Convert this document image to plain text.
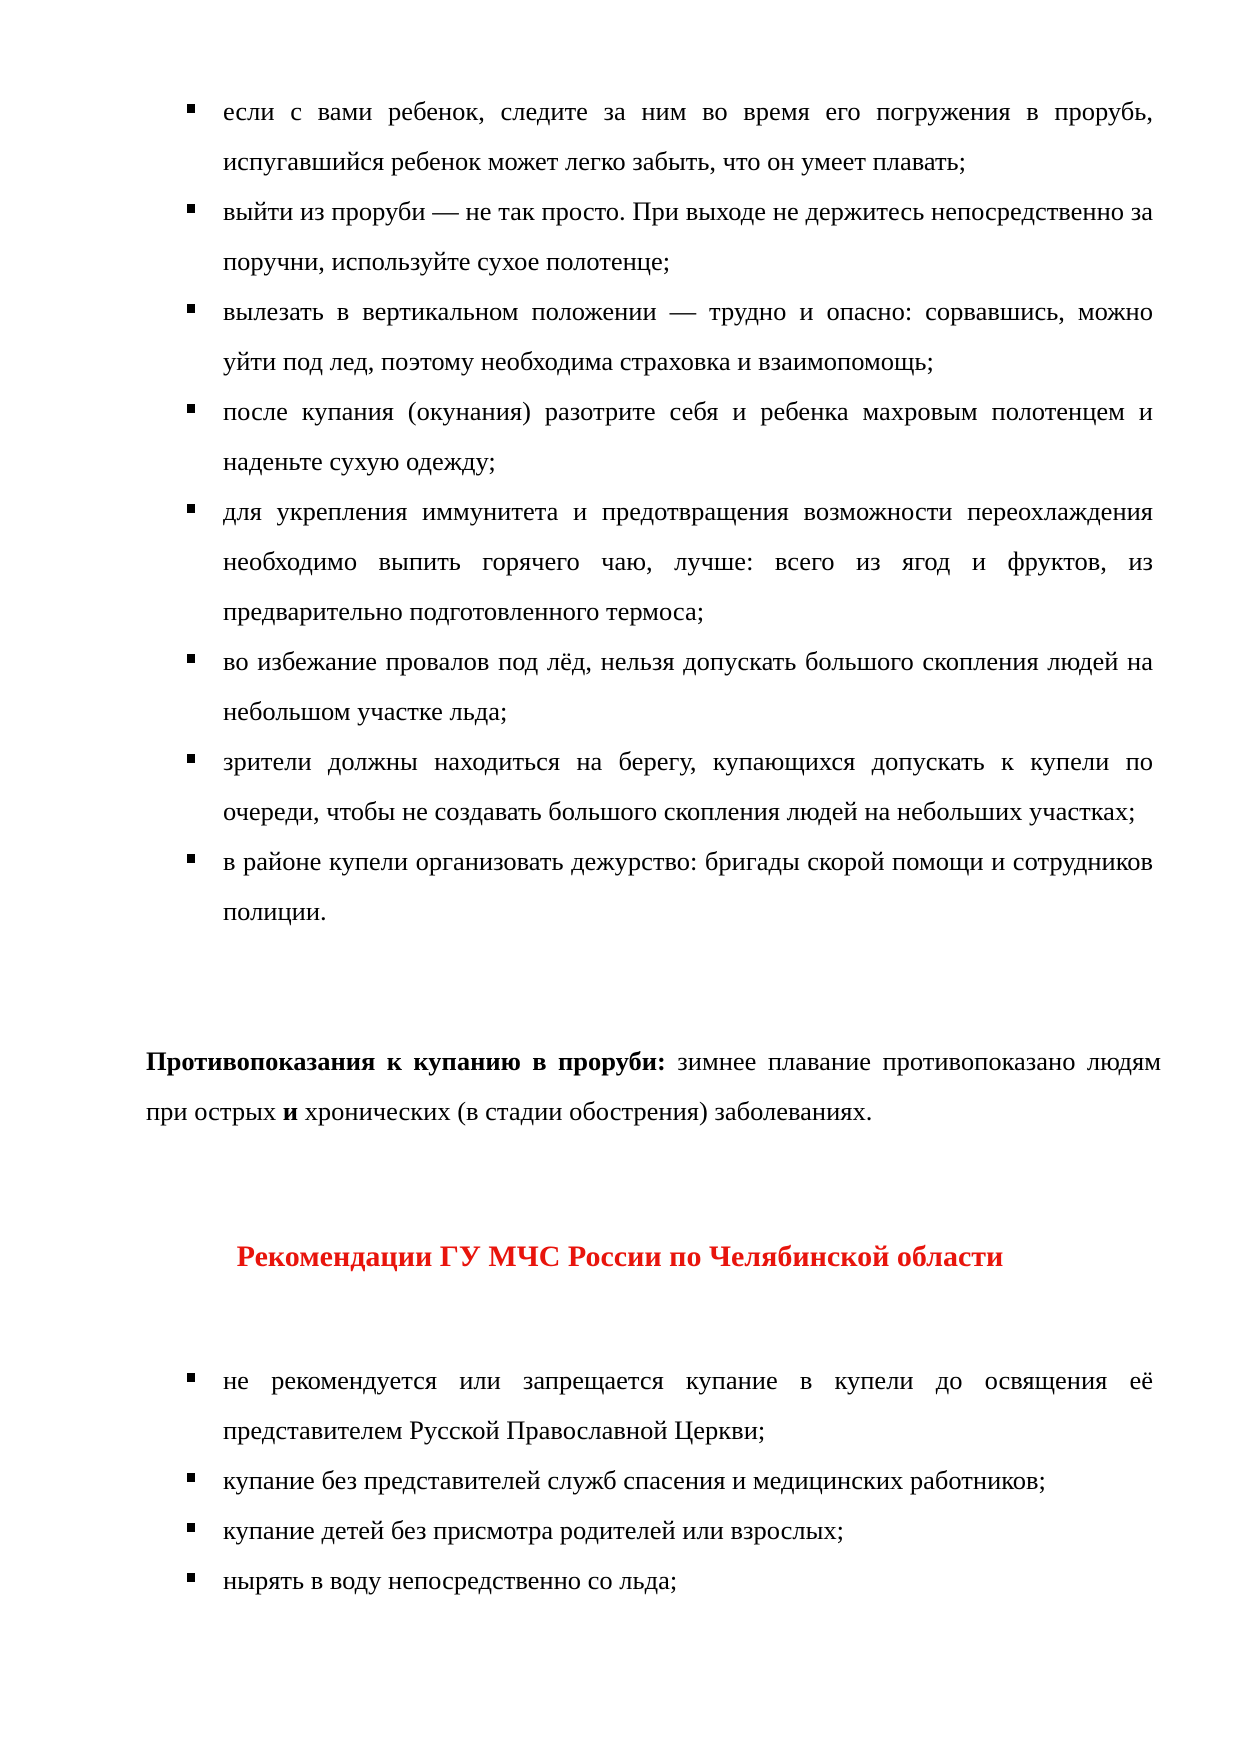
если с вами ребенок, следите за ним во время его погружения в прорубь, испугавшийся ребенок может легко забыть, что он умеет плавать;
выйти из проруби — не так просто. При выходе не держитесь непосредственно за поручни, используйте сухое полотенце;
вылезать в вертикальном положении — трудно и опасно: сорвавшись, можно уйти под лед, поэтому необходима страховка и взаимопомощь;
после купания (окунания) разотрите себя и ребенка махровым полотенцем и наденьте сухую одежду;
для укрепления иммунитета и предотвращения возможности переохлаждения необходимо выпить горячего чаю, лучше: всего из ягод и фруктов, из предварительно подготовленного термоса;
во избежание провалов под лёд, нельзя допускать большого скопления людей на небольшом участке льда;
зрители должны находиться на берегу, купающихся допускать к купели по очереди, чтобы не создавать большого скопления людей на небольших участках;
в районе купели организовать дежурство: бригады скорой помощи и сотрудников полиции.

Противопоказания к купанию в проруби: зимнее плавание противопоказано людям при острых и хронических (в стадии обострения) заболеваниях.

Рекомендации ГУ МЧС России по Челябинской области
не рекомендуется или запрещается купание в купели до освящения её представителем Русской Православной Церкви;
купание без представителей служб спасения и медицинских работников;
купание детей без присмотра родителей или взрослых;
нырять в воду непосредственно со льда;
